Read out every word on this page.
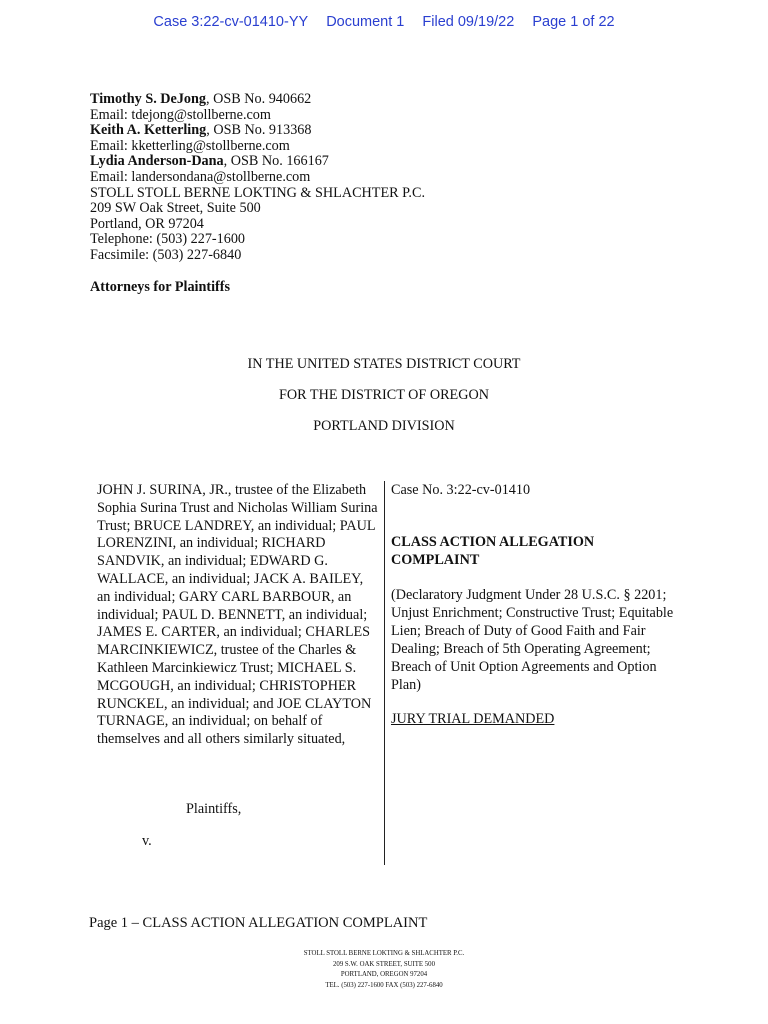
Case 3:22-cv-01410-YY Document 1 Filed 09/19/22 Page 1 of 22
Timothy S. DeJong, OSB No. 940662
Email: tdejong@stollberne.com
Keith A. Ketterling, OSB No. 913368
Email: kketterling@stollberne.com
Lydia Anderson-Dana, OSB No. 166167
Email: landersondana@stollberne.com
STOLL STOLL BERNE LOKTING & SHLACHTER P.C.
209 SW Oak Street, Suite 500
Portland, OR 97204
Telephone: (503) 227-1600
Facsimile: (503) 227-6840
Attorneys for Plaintiffs
IN THE UNITED STATES DISTRICT COURT
FOR THE DISTRICT OF OREGON
PORTLAND DIVISION
JOHN J. SURINA, JR., trustee of the Elizabeth Sophia Surina Trust and Nicholas William Surina Trust; BRUCE LANDREY, an individual; PAUL LORENZINI, an individual; RICHARD SANDVIK, an individual; EDWARD G. WALLACE, an individual; JACK A. BAILEY, an individual; GARY CARL BARBOUR, an individual; PAUL D. BENNETT, an individual; JAMES E. CARTER, an individual; CHARLES MARCINKIEWICZ, trustee of the Charles & Kathleen Marcinkiewicz Trust; MICHAEL S. MCGOUGH, an individual; CHRISTOPHER RUNCKEL, an individual; and JOE CLAYTON TURNAGE, an individual; on behalf of themselves and all others similarly situated,
Plaintiffs,
v.
Case No. 3:22-cv-01410
CLASS ACTION ALLEGATION COMPLAINT
(Declaratory Judgment Under 28 U.S.C. § 2201; Unjust Enrichment; Constructive Trust; Equitable Lien; Breach of Duty of Good Faith and Fair Dealing; Breach of 5th Operating Agreement; Breach of Unit Option Agreements and Option Plan)
JURY TRIAL DEMANDED
Page 1 – CLASS ACTION ALLEGATION COMPLAINT
STOLL STOLL BERNE LOKTING & SHLACHTER P.C.
209 S.W. OAK STREET, SUITE 500
PORTLAND, OREGON 97204
TEL. (503) 227-1600 FAX (503) 227-6840
